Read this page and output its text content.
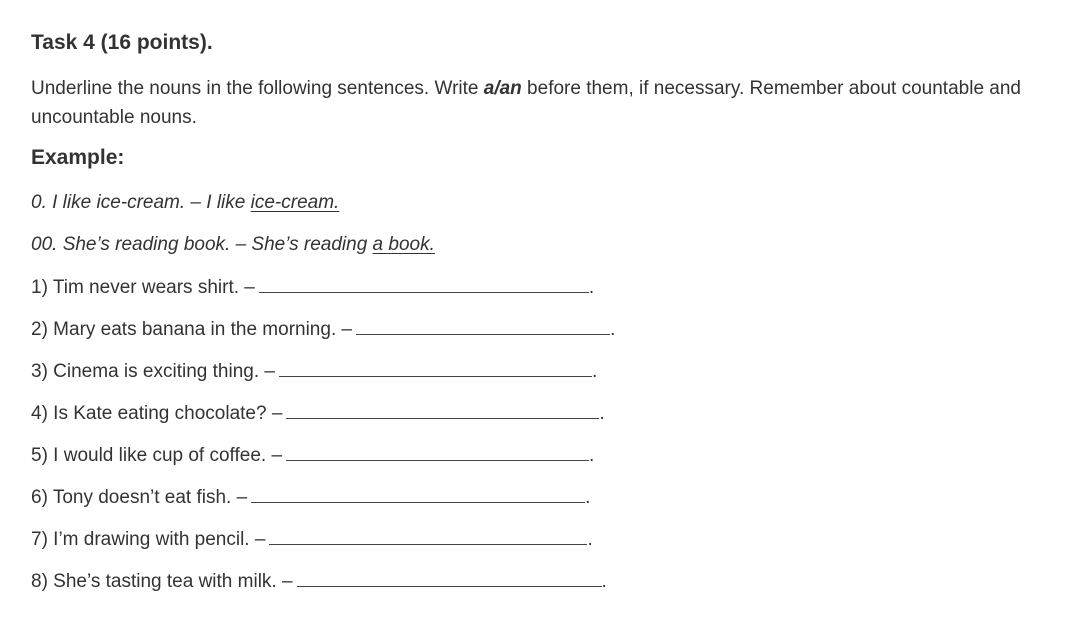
Task 4 (16 points).
Underline the nouns in the following sentences. Write a/an before them, if necessary. Remember about countable and uncountable nouns.
Example:
0. I like ice-cream. – I like ice-cream.
00. She’s reading book. – She’s reading a book.
1) Tim never wears shirt. –	.
2) Mary eats banana in the morning. –	.
3) Cinema is exciting thing. –	.
4) Is Kate eating chocolate? –	.
5) I would like cup of coffee. –	.
6) Tony doesn’t eat fish. –	.
7) I’m drawing with pencil. –	.
8) She’s tasting tea with milk. –	.
